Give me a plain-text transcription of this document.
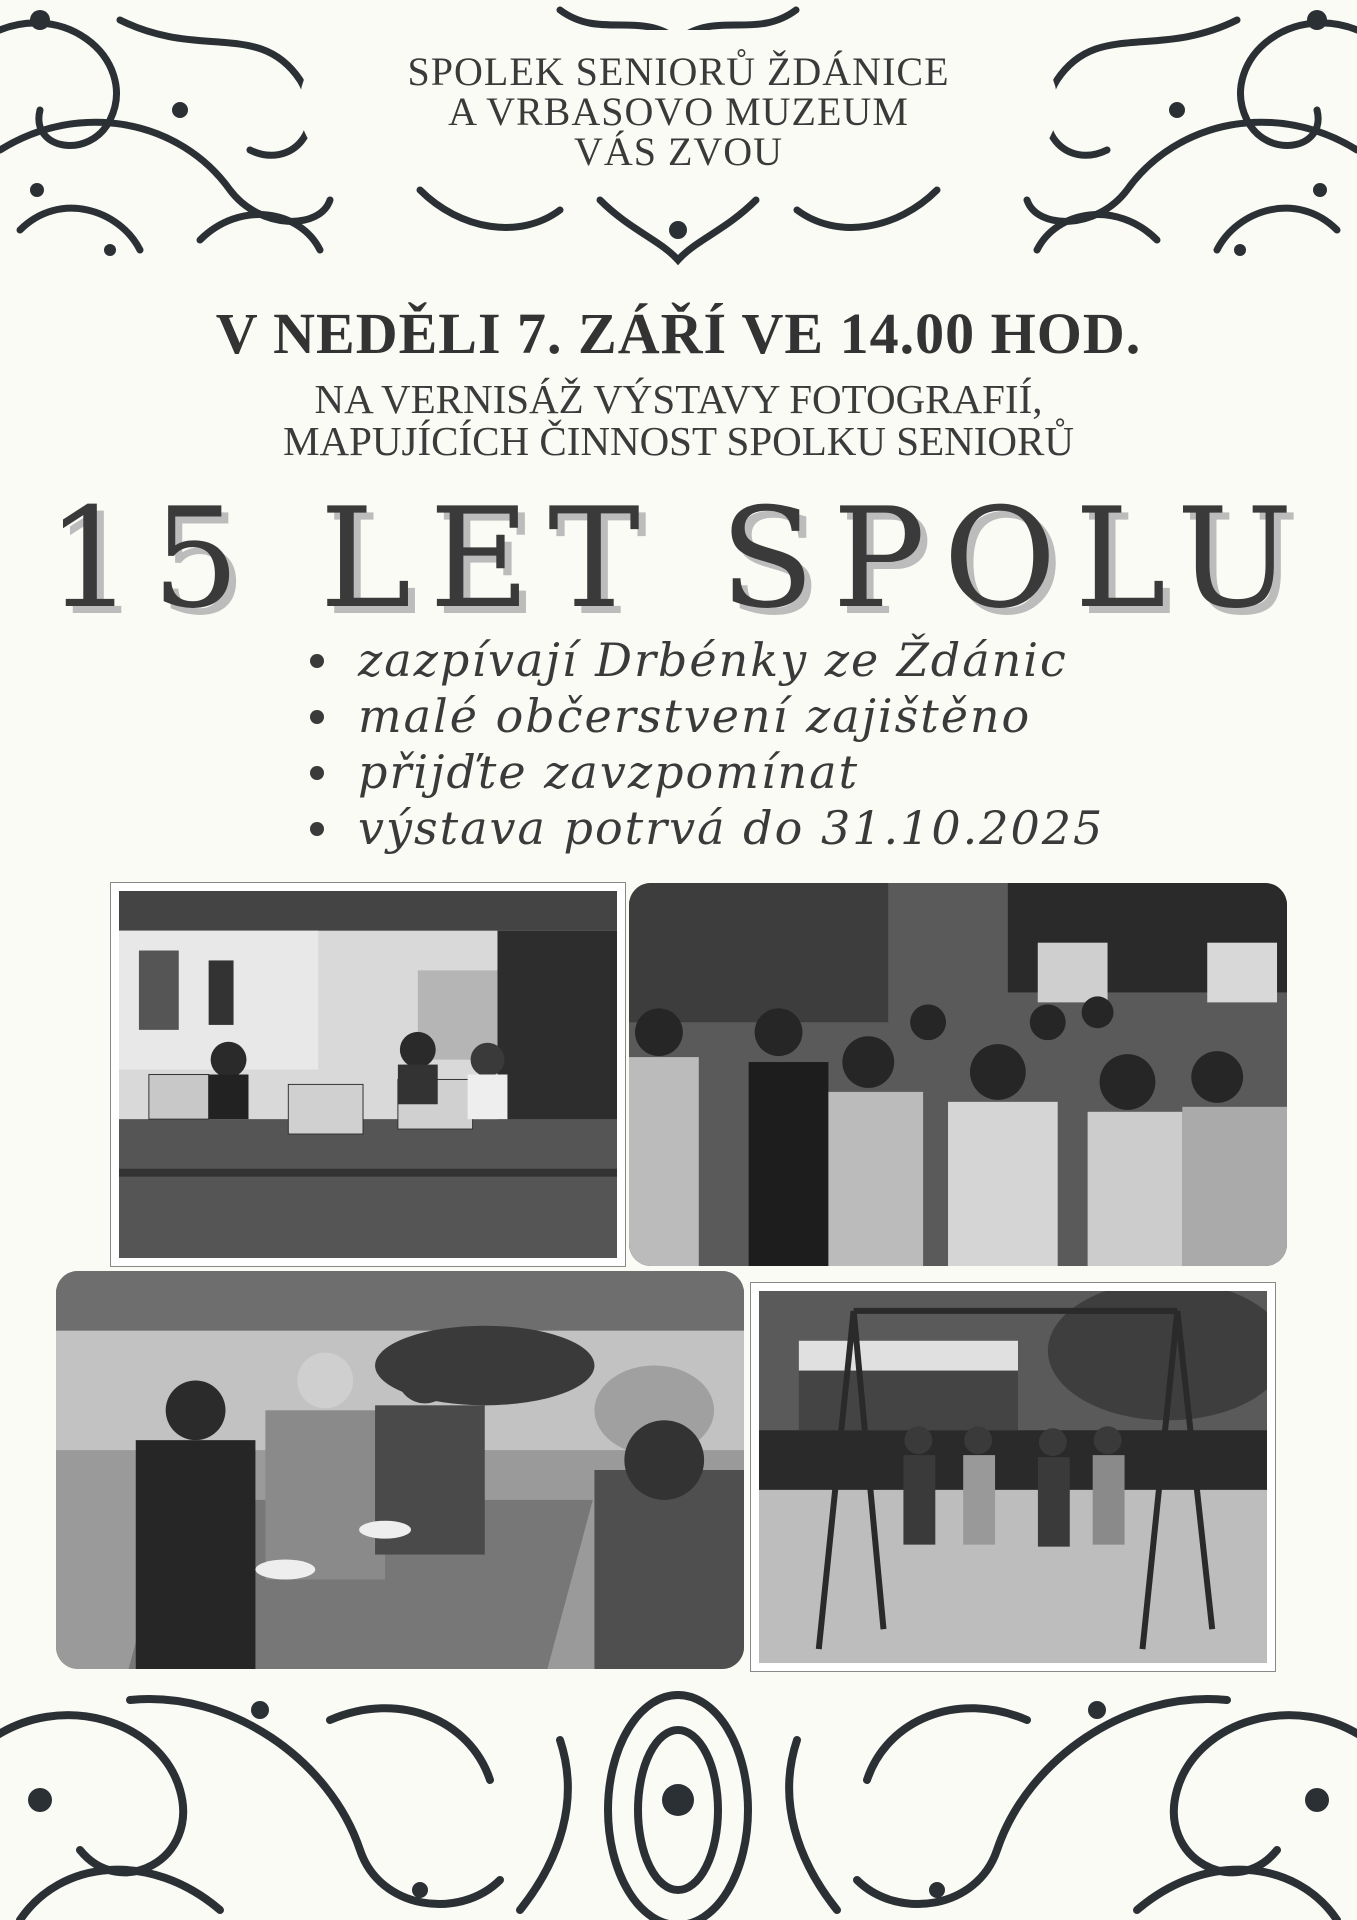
SPOLEK SENIORŮ ŽDÁNICE
A VRBASOVO MUZEUM
VÁS ZVOU
V NEDĚLI 7. ZÁŘÍ VE 14.00 HOD.
NA VERNISÁŽ VÝSTAVY FOTOGRAFIÍ,
MAPUJÍCÍCH ČINNOST SPOLKU SENIORŮ
15 LET SPOLU
zazpívají Drbénky ze Ždánic
malé občerstvení zajištěno
přijďte zavzpomínat
výstava potrvá do 31.10.2025
